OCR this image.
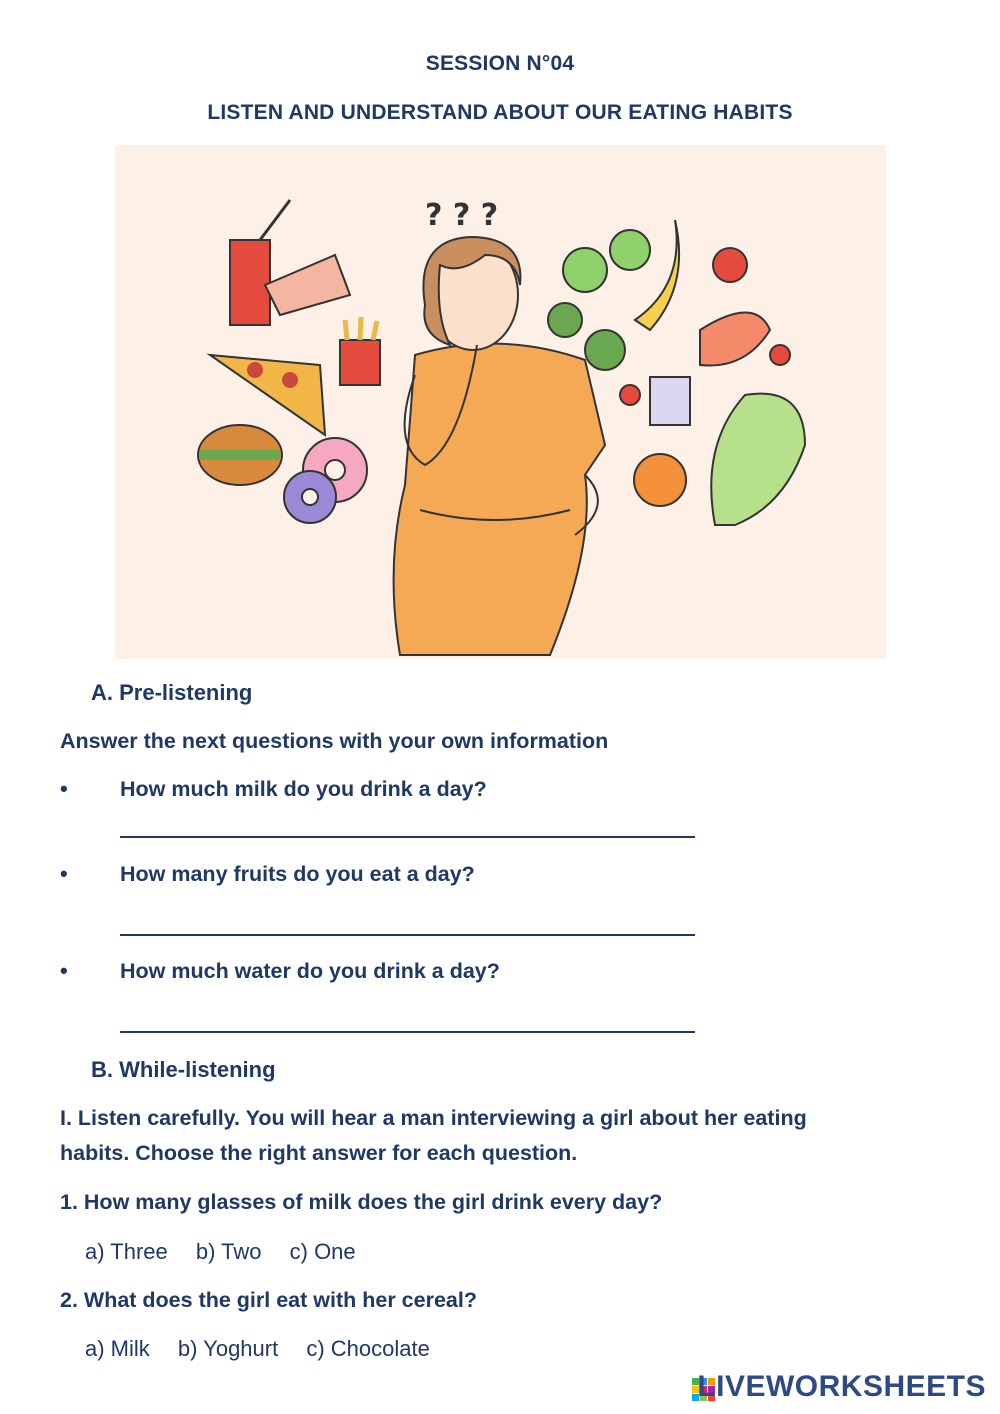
SESSION N°04
LISTEN AND UNDERSTAND ABOUT OUR EATING HABITS
? ? ?
A. Pre-listening
Answer the next questions with your own information
• How much milk do you drink a day?
• How many fruits do you eat a day?
• How much water do you drink a day?
B. While-listening
I. Listen carefully. You will hear a man interviewing a girl about her eating
habits. Choose the right answer for each question.
1. How many glasses of milk does the girl drink every day?
a) Three b) Two c) One
2. What does the girl eat with her cereal?
a) Milk b) Yoghurt c) Chocolate
LIVEWORKSHEETS
